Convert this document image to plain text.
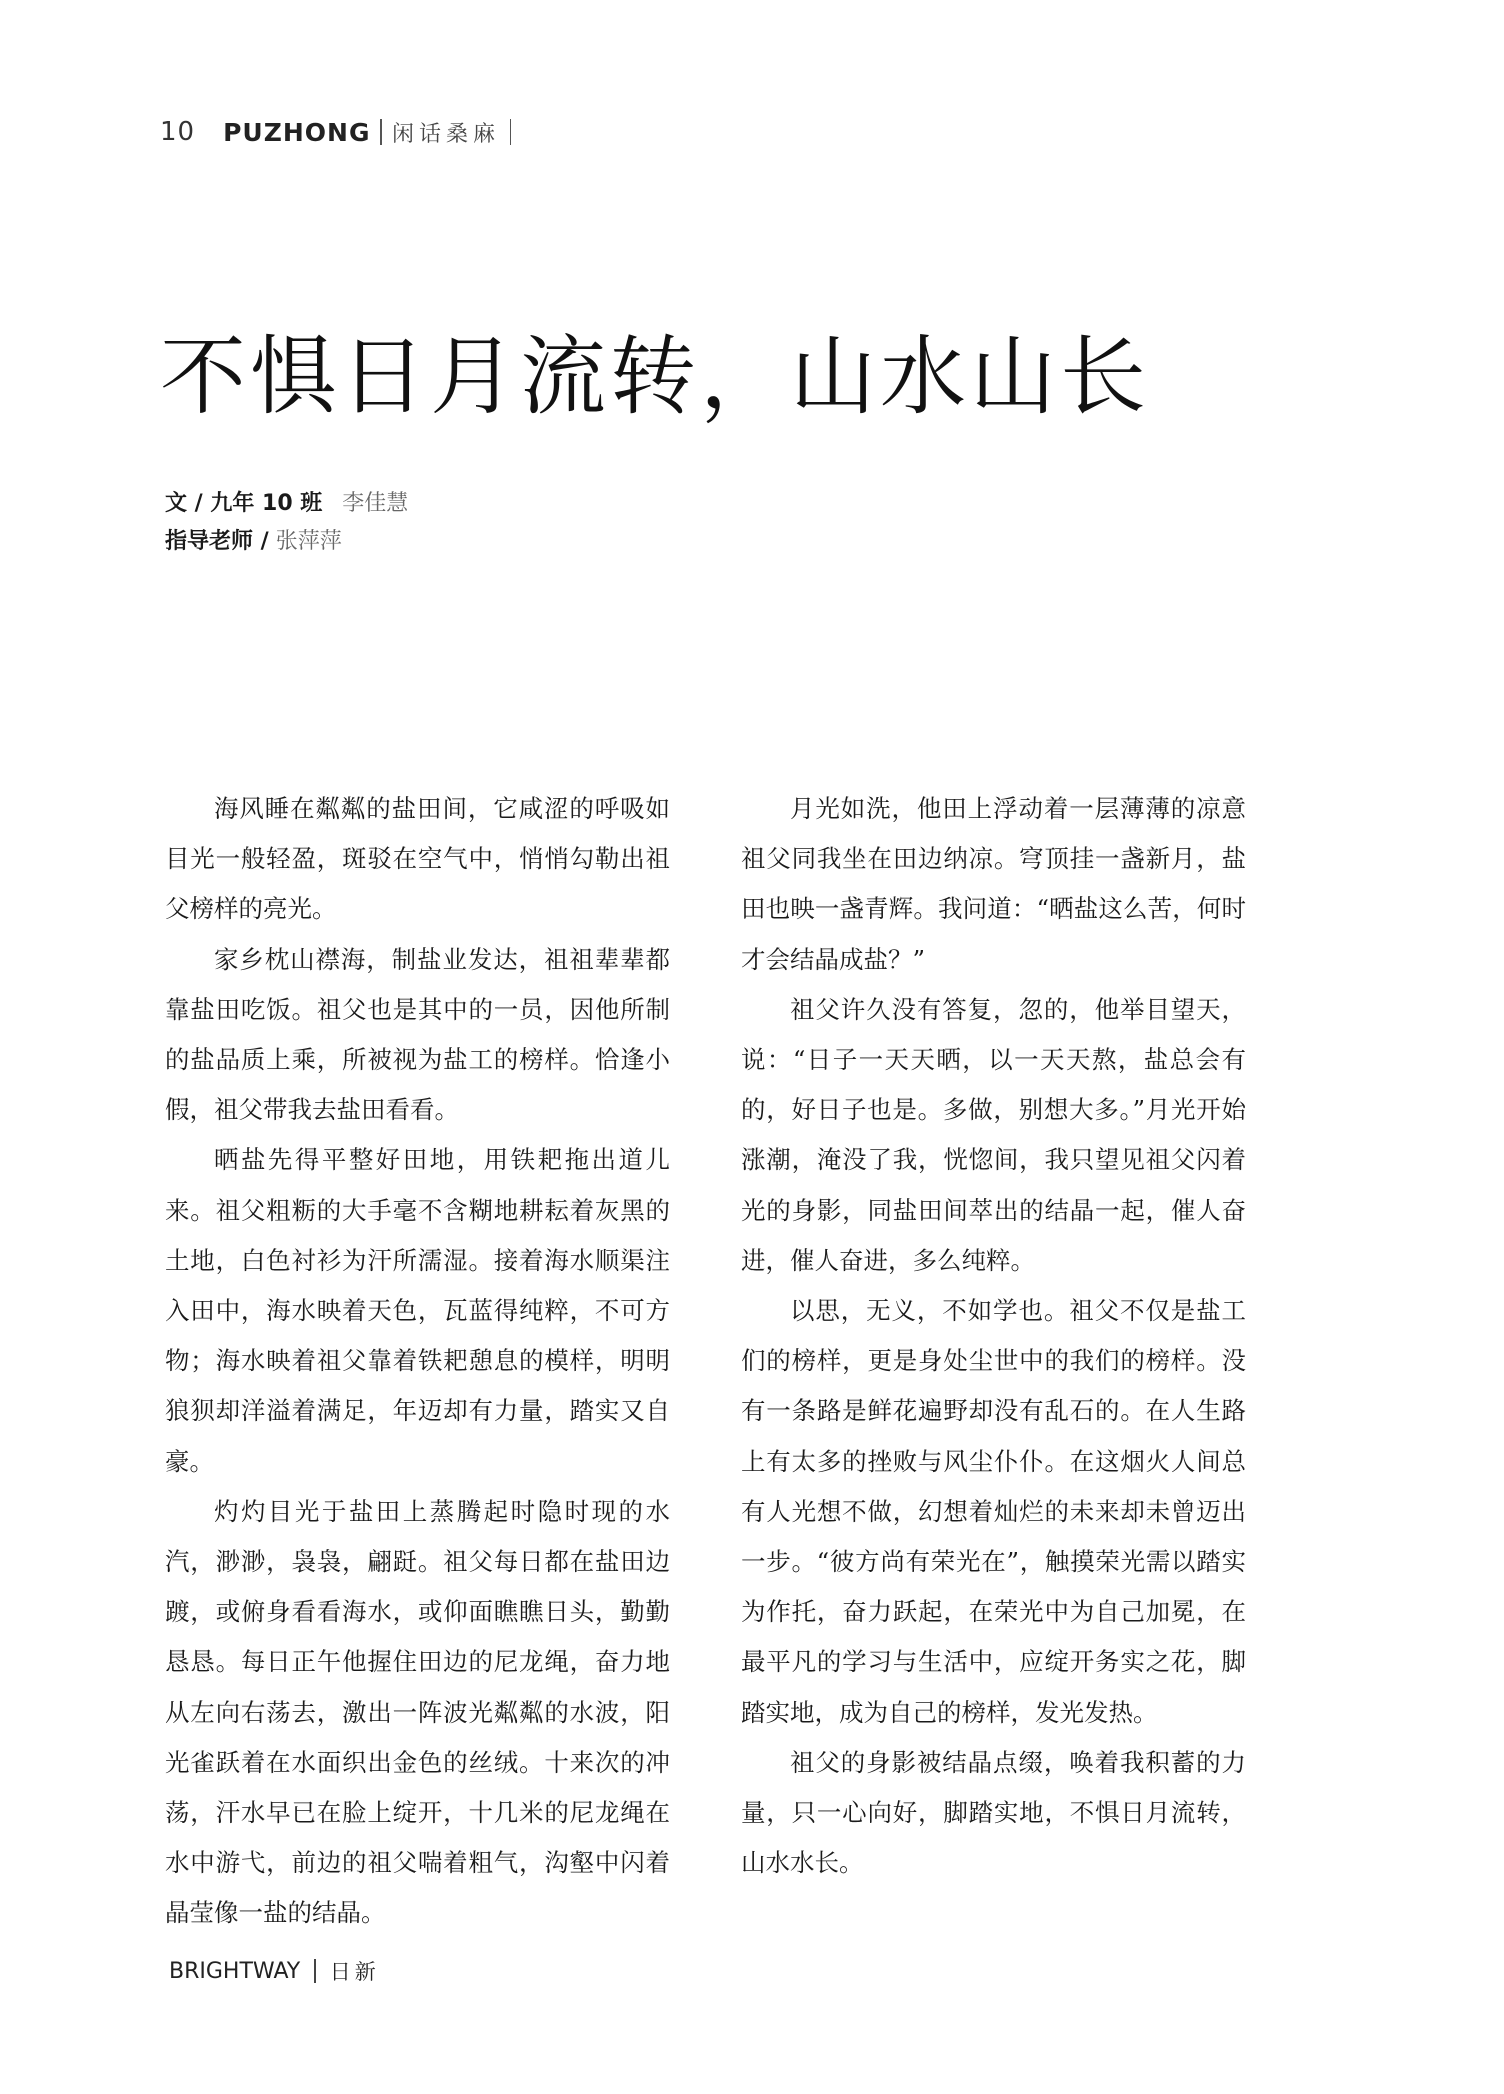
10 PUZHONG 闲话桑麻
不惧日月流转，山水山长
文 / 九年 10 班 李佳慧
指导老师 / 张萍萍

海风睡在粼粼的盐田间，它咸涩的呼吸如目光一般轻盈，斑驳在空气中，悄悄勾勒出祖父榜样的亮光。

家乡枕山襟海，制盐业发达，祖祖辈辈都靠盐田吃饭。祖父也是其中的一员，因他所制的盐品质上乘，所被视为盐工的榜样。恰逢小假，祖父带我去盐田看看。

晒盐先得平整好田地，用铁耙拖出道儿来。祖父粗粝的大手毫不含糊地耕耘着灰黑的土地，白色衬衫为汗所濡湿。接着海水顺渠注入田中，海水映着天色，瓦蓝得纯粹，不可方物；海水映着祖父靠着铁耙憩息的模样，明明狼狈却洋溢着满足，年迈却有力量，踏实又自豪。

灼灼目光于盐田上蒸腾起时隐时现的水汽，渺渺，袅袅，翩跹。祖父每日都在盐田边踱，或俯身看看海水，或仰面瞧瞧日头，勤勤恳恳。每日正午他握住田边的尼龙绳，奋力地从左向右荡去，激出一阵波光粼粼的水波，阳光雀跃着在水面织出金色的丝绒。十来次的冲荡，汗水早已在脸上绽开，十几米的尼龙绳在水中游弋，前边的祖父喘着粗气，沟壑中闪着晶莹像一盐的结晶。

月光如洗，他田上浮动着一层薄薄的凉意祖父同我坐在田边纳凉。穹顶挂一盏新月，盐田也映一盏青辉。我问道：“晒盐这么苦，何时才会结晶成盐？”

祖父许久没有答复，忽的，他举目望天，说：“日子一天天晒，以一天天熬，盐总会有的，好日子也是。多做，别想大多。”月光开始涨潮，淹没了我，恍惚间，我只望见祖父闪着光的身影，同盐田间萃出的结晶一起，催人奋进，催人奋进，多么纯粹。

以思，无义，不如学也。祖父不仅是盐工们的榜样，更是身处尘世中的我们的榜样。没有一条路是鲜花遍野却没有乱石的。在人生路上有太多的挫败与风尘仆仆。在这烟火人间总有人光想不做，幻想着灿烂的未来却未曾迈出一步。“彼方尚有荣光在”，触摸荣光需以踏实为作托，奋力跃起，在荣光中为自己加冕，在最平凡的学习与生活中，应绽开务实之花，脚踏实地，成为自己的榜样，发光发热。

祖父的身影被结晶点缀，唤着我积蓄的力量，只一心向好，脚踏实地，不惧日月流转，山水水长。

BRIGHTWAY 日新
